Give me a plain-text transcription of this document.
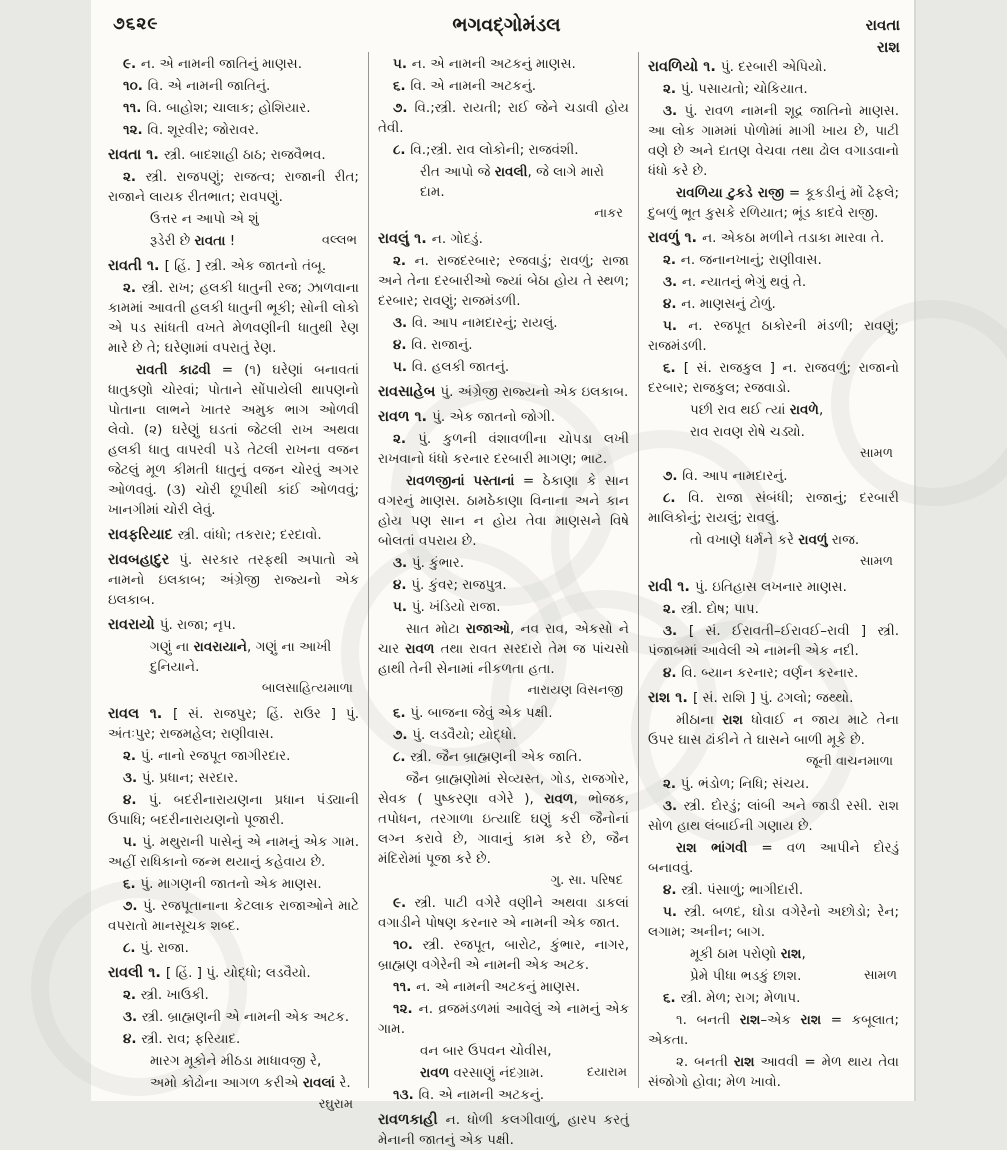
૭૬૨૯	ભગવદ્ગોમંડલ	રાવતા
રાશ
૯. ન. એ નામની જાતિનું માણસ.
૧૦. વિ. એ નામની જાતિનું.
૧૧. વિ. બાહોશ; ચાલાક; હોશિયાર.
૧૨. વિ. શૂરવીર; જોરાવર.
રાવતા ૧. સ્ત્રી. બાદશાહી ઠાઠ; રાજવૈભવ.
૨. સ્ત્રી. રાજપણું; રાજત્વ; રાજાની રીત; રાજાને લાયક રીતભાત; રાવપણું.
ઉત્તર ન આપો એ શું
રૂડેરી છે રાવતા !	વલ્લભ
રાવતી ૧. [ હિં. ] સ્ત્રી. એક જાતનો તંબૂ.
૨. સ્ત્રી. રાખ; હલકી ધાતુની રજ; ઝાળવાના કામમાં આવતી હલકી ધાતુની ભૂકી; સોની લોકો એ પડ સાંધતી વખતે મેળવણીની ધાતુથી રેણ મારે છે તે; ઘરેણામાં વપરાતું રેણ.
રાવતી કાઢવી = (૧) ઘરેણાં બનાવતાં ધાતુકણો ચોરવાં; પોતાને સોંપાયેલી થાપણનો પોતાના લાભને ખાતર અમુક ભાગ ઓળવી લેવો. (૨) ઘરેણું ઘડતાં જેટલી રાખ અથવા હલકી ધાતુ વાપરવી પડે તેટલી રાખના વજન જેટલું મૂળ કીમતી ધાતુનું વજન ચોરવું અગર ઓળવવું. (૩) ચોરી છૂપીથી કાંઈ ઓળવવું; ખાનગીમાં ચોરી લેવું.
રાવફરિયાદ સ્ત્રી. વાંધો; તકરાર; દરદાવો.
રાવબહાદુર પું. સરકાર તરફથી અપાતો એ નામનો ઇલકાબ; અંગ્રેજી રાજ્યનો એક ઇલકાબ.
રાવરાયો પું. રાજા; નૃપ.
ગણું ના રાવરાયાને, ગણું ના આખી દુનિયાને.
બાલસાહિત્યમાળા
રાવલ ૧. [ સં. રાજપુર; હિં. રાઉર ] પું. અંતઃપુર; રાજમહેલ; રાણીવાસ.
૨. પું. નાનો રજપૂત જાગીરદાર.
૩. પું. પ્રધાન; સરદાર.
૪. પું. બદરીનારાયણના પ્રધાન પંડ્યાની ઉપાધિ; બદરીનારાયણનો પૂજારી.
૫. પું. મથુરાની પાસેનું એ નામનું એક ગામ. અહીં રાધિકાનો જન્મ થયાનું કહેવાય છે.
૬. પું. માગણની જાતનો એક માણસ.
૭. પું. રજપૂતાનાના કેટલાક રાજાઓને માટે વપરાતો માનસૂચક શબ્દ.
૮. પું. રાજા.
રાવલી ૧. [ હિં. ] પું. યોદ્ધો; લડવૈયો.
૨. સ્ત્રી. ખાઉકી.
૩. સ્ત્રી. બ્રાહ્મણની એ નામની એક અટક.
૪. સ્ત્રી. રાવ; ફરિયાદ.
મારગ મૂકોને મીઠડા માધાવજી રે,
અમો કોઢોના આગળ કરીએ રાવલાં રે.
રઘુરામ
૫. ન. એ નામની અટકનું માણસ.
૬. વિ. એ નામની અટકનું.
૭. વિ.;સ્ત્રી. રાયતી; રાઈ જેને ચડાવી હોય તેવી.
૮. વિ.;સ્ત્રી. રાવ લોકોની; રાજવંશી.
રીત આપો જે રાવલી, જે લાગે મારો દામ.
નાકર
રાવલું ૧. ન. ગોદડું.
૨. ન. રાજદરબાર; રજવાડું; રાવળું; રાજા અને તેના દરબારીઓ જ્યાં બેઠા હોય તે સ્થળ; દરબાર; રાવણું; રાજમંડળી.
૩. વિ. આપ નામદારનું; રાયલું.
૪. વિ. રાજાનું.
૫. વિ. હલકી જાતનું.
રાવસાહેબ પું. અંગ્રેજી રાજ્યનો એક ઇલકાબ.
રાવળ ૧. પું. એક જાતનો જોગી.
૨. પું. કુળની વંશાવળીના ચોપડા લખી રાખવાનો ધંધો કરનાર દરબારી માગણ; ભાટ.
રાવળજીનાં પસ્તાનાં = ઠેકાણા કે સાન વગરનું માણસ. ઠામઠેકાણા વિનાના અને કાન હોય પણ સાન ન હોય તેવા માણસને વિષે બોલતાં વપરાય છે.
૩. પું. કુંભાર.
૪. પું. કુંવર; રાજપુત્ર.
૫. પું. ખંડિયો રાજા.
સાત મોટા રાજાઓ, નવ રાવ, એકસો ને ચાર રાવળ તથા રાવત સરદારો તેમ જ પાંચસો હાથી તેની સેનામાં નીકળતા હતા.
નારાયણ વિસનજી
૬. પું. બાજના જેવું એક પક્ષી.
૭. પું. લડવૈયો; યોદ્ધો.
૮. સ્ત્રી. જૈન બ્રાહ્મણની એક જાતિ.
જૈન બ્રાહ્મણોમાં સેવ્યસ્ત, ગોડ, રાજગોર, સેવક ( પુષ્કરણા વગેરે ), રાવળ, ભોજક, તપોધન, તરગાળા ઇત્યાદિ ઘણું કરી જૈનોનાં લગ્ન કરાવે છે, ગાવાનું કામ કરે છે, જૈન મંદિરોમાં પૂજા કરે છે.
ગુ. સા. પરિષદ
૯. સ્ત્રી. પાટી વગેરે વણીને અથવા ડાકલાં વગાડીને પોષણ કરનાર એ નામની એક જાત.
૧૦. સ્ત્રી. રજપૂત, બારોટ, કુંભાર, નાગર, બ્રાહ્મણ વગેરેની એ નામની એક અટક.
૧૧. ન. એ નામની અટકનું માણસ.
૧૨. ન. વ્રજમંડળમાં આવેલું એ નામનું એક ગામ.
વન બાર ઉપવન ચોવીસ,
રાવળ વરસાણું નંદગ્રામ.	દયારામ
૧૩. વિ. એ નામની અટકનું.
રાવળકાહી ન. ધોળી કલગીવાળું, હારપ કરતું મેનાની જાતનું એક પક્ષી.
રાવળિયો ૧. પું. દરબારી એપિયો.
૨. પું. પસાયતો; ચોકિયાત.
૩. પું. રાવળ નામની શૂદ્ર જાતિનો માણસ. આ લોક ગામમાં પોળોમાં માગી ખાય છે, પાટી વણે છે અને દાતણ વેચવા તથા ઢોલ વગાડવાનો ધંધો કરે છે.
રાવળિયા ટુકડે રાજી = કૂકડીનું મોં ઢેફલે; દુબળું ભૂત કુસકે રળિયાત; ભૂંડ કાદવે રાજી.
રાવળું ૧. ન. એકઠા મળીને તડાકા મારવા તે.
૨. ન. જનાનખાનું; રાણીવાસ.
૩. ન. ન્યાતનું ભેગું થવું તે.
૪. ન. માણસનું ટોળું.
૫. ન. રજપૂત ઠાકોરની મંડળી; રાવણું; રાજમંડળી.
૬. [ સં. રાજકુલ ] ન. રાજવળું; રાજાનો દરબાર; રાજકુલ; રજવાડો.
પછી રાવ થઈ ત્યાં રાવળે,
રાવ રાવણ રોષે ચડ્યો.
સામળ
૭. વિ. આપ નામદારનું.
૮. વિ. રાજા સંબંધી; રાજાનું; દરબારી માલિકોનું; રાયલું; રાવલું.
તો વખાણે ધર્મને કરે રાવળું રાજ.
સામળ
રાવી ૧. પું. ઇતિહાસ લખનાર માણસ.
૨. સ્ત્રી. દોષ; પાપ.
૩. [ સં. ઈરાવતી–ઈરાવઈ–રાવી ] સ્ત્રી. પંજાબમાં આવેલી એ નામની એક નદી.
૪. વિ. બ્યાન કરનાર; વર્ણન કરનાર.
રાશ ૧. [ સં. રાશિ ] પું. ઢગલો; જથ્થો.
મીઠાના રાશ ધોવાઈ ન જાય માટે તેના ઉપર ઘાસ ઢાંકીને તે ઘાસને બાળી મૂકે છે.
જૂની વાચનમાળા
૨. પું. ભંડોળ; નિધિ; સંચય.
૩. સ્ત્રી. દોરડું; લાંબી અને જાડી રસી. રાશ સોળ હાથ લંબાઈની ગણાય છે.
રાશ ભાંગવી = વળ આપીને દોરડું બનાવવું.
૪. સ્ત્રી. પંસાળું; ભાગીદારી.
૫. સ્ત્રી. બળદ, ઘોડા વગેરેનો અછોડો; રેન; લગામ; અનીન; બાગ.
મૂકી ઠામ પરોણો રાશ,
પ્રેમે પીધા ભડકું છાશ.	સામળ
૬. સ્ત્રી. મેળ; રાગ; મેળાપ.
૧. બનતી રાશ–એક રાશ = કબૂલાત; એકતા.
૨. બનતી રાશ આવવી = મેળ થાય તેવા સંજોગો હોવા; મેળ ખાવો.
